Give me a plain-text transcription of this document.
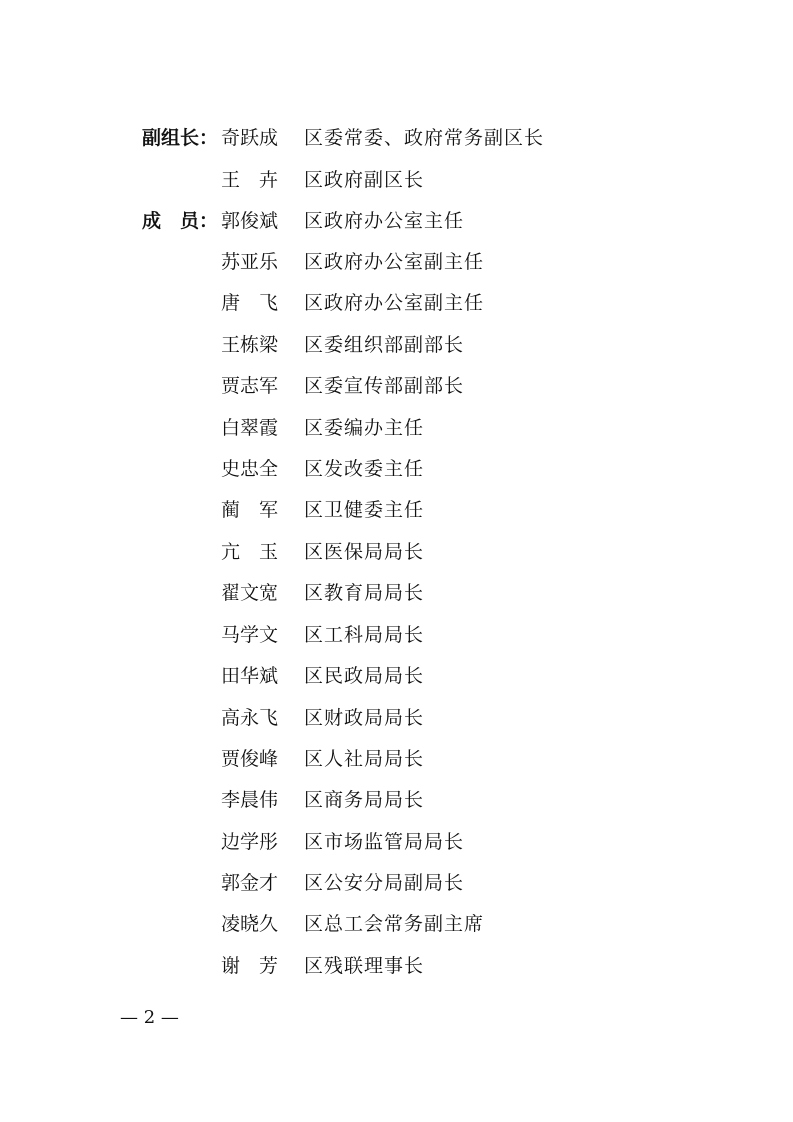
副组长： 奇跃成	区委常委、政府常务副区长
王　卉	区政府副区长
成　员： 郭俊斌	区政府办公室主任
苏亚乐	区政府办公室副主任
唐　飞	区政府办公室副主任
王栋梁	区委组织部副部长
贾志军	区委宣传部副部长
白翠霞	区委编办主任
史忠全	区发改委主任
蔺　军	区卫健委主任
亢　玉	区医保局局长
翟文宽	区教育局局长
马学文	区工科局局长
田华斌	区民政局局长
高永飞	区财政局局长
贾俊峰	区人社局局长
李晨伟	区商务局局长
边学彤	区市场监管局局长
郭金才	区公安分局副局长
凌晓久	区总工会常务副主席
谢　芳	区残联理事长
— 2 —
